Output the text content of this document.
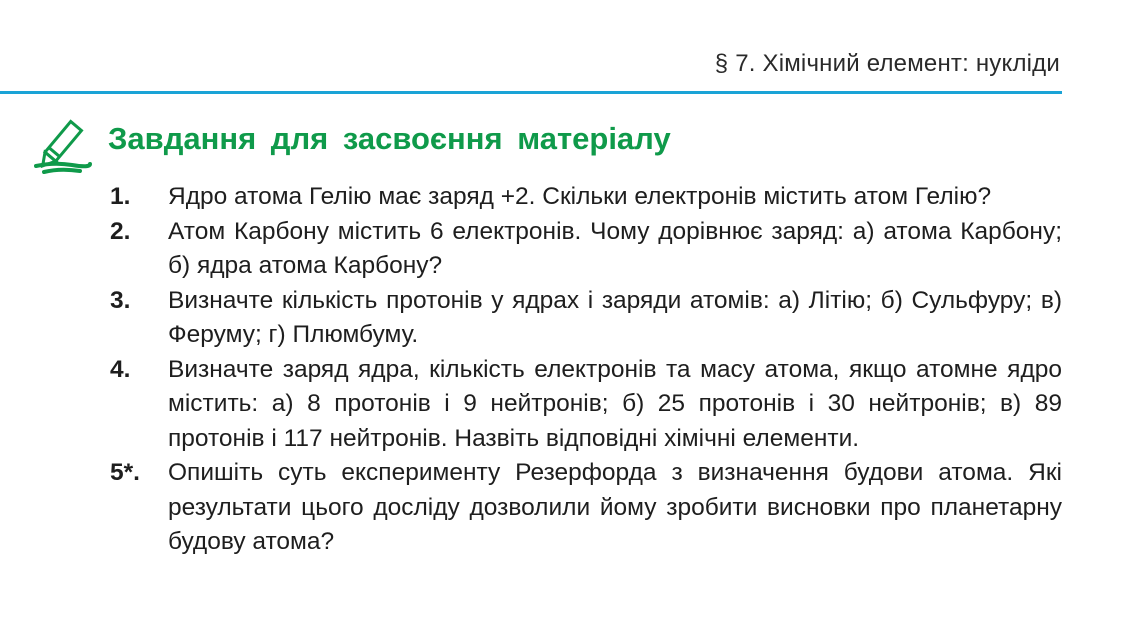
§ 7. Хімічний елемент: нукліди
Завдання для засвоєння матеріалу
1.	Ядро атома Гелію має заряд +2. Скільки електронів містить атом Гелію?
2.	Атом Карбону містить 6 електронів. Чому дорівнює заряд: а) атома Карбону; б) ядра атома Карбону?
3.	Визначте кількість протонів у ядрах і заряди атомів: а) Літію; б) Сульфуру; в) Феруму; г) Плюмбуму.
4.	Визначте заряд ядра, кількість електронів та масу атома, якщо атомне ядро містить: а) 8 протонів і 9 нейтронів; б) 25 протонів і 30 нейтронів; в) 89 протонів і 117 нейтронів. Назвіть відповідні хімічні елементи.
5*.	Опишіть суть експерименту Резерфорда з визначення будови атома. Які результати цього досліду дозволили йому зробити висновки про планетарну будову атома?
